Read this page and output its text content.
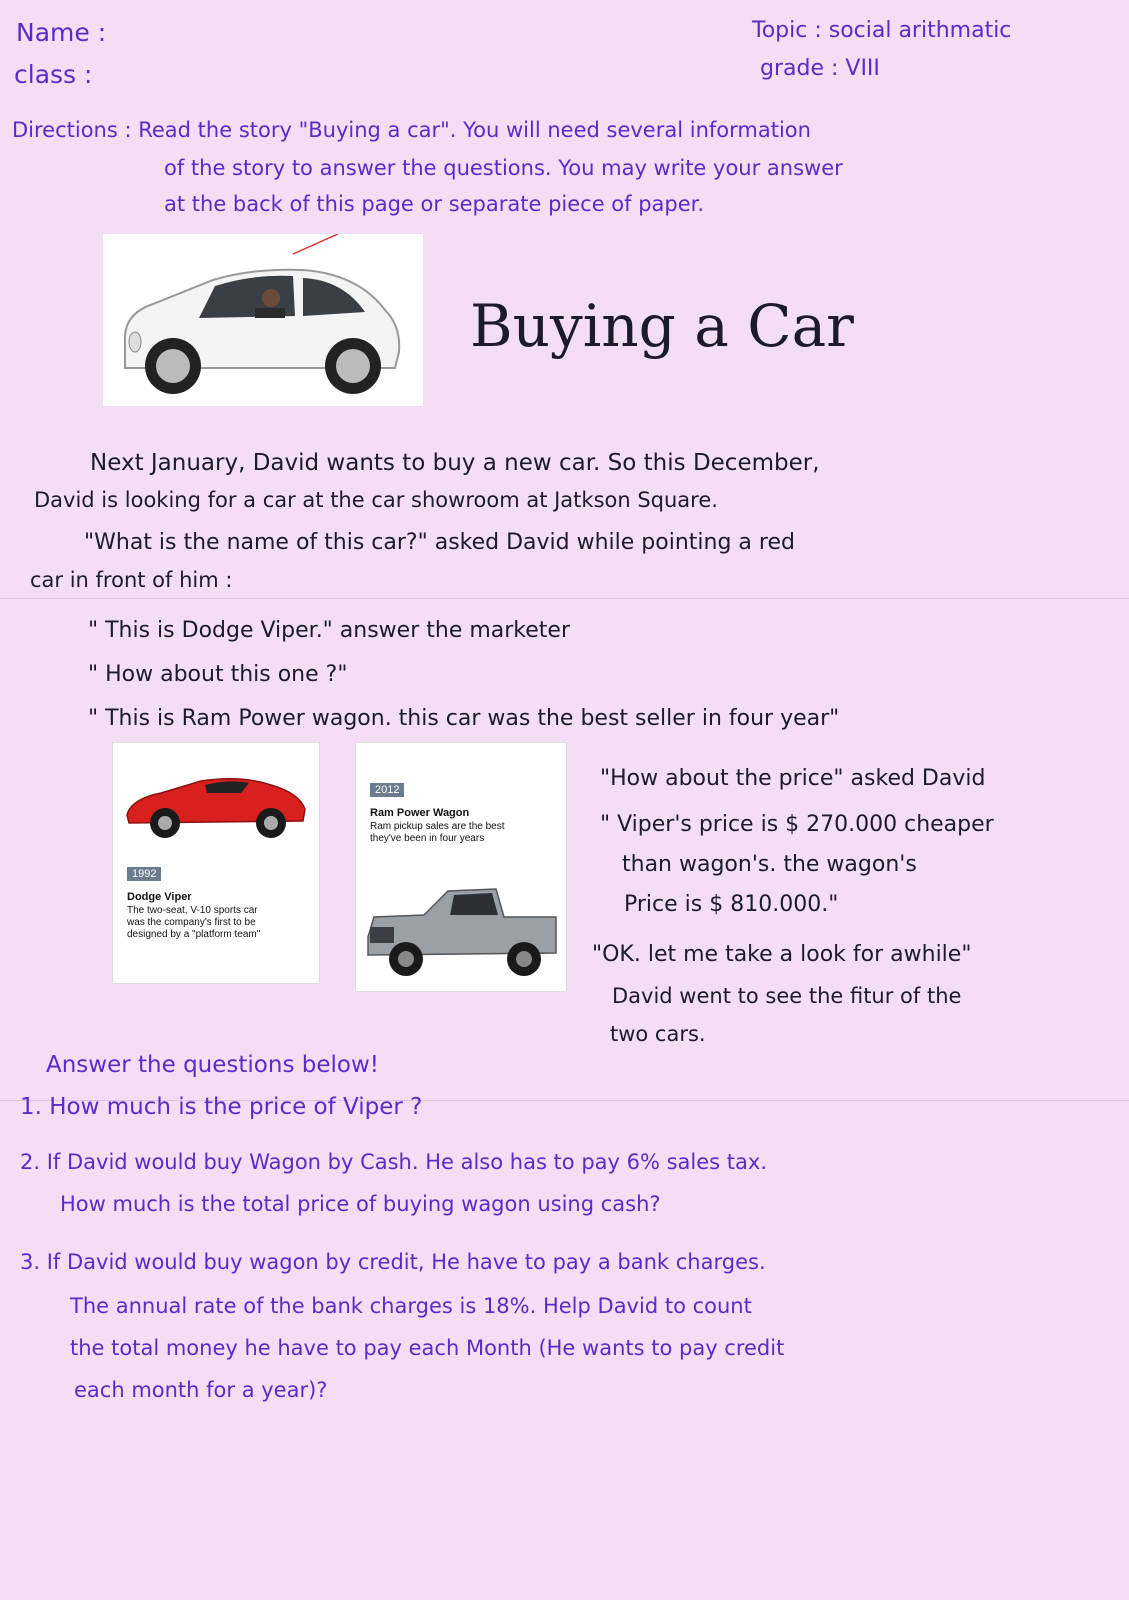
Name :
class :
Topic : social arithmatic
grade : VIII
Directions : Read the story "Buying a car". You will need several information
of the story to answer the questions. You may write your answer
at the back of this page or separate piece of paper.
Buying a Car
Next January, David wants to buy a new car. So this December,
David is looking for a car at the car showroom at Jatkson Square.
"What is the name of this car?" asked David while pointing a red
car in front of him :
" This is Dodge Viper." answer the marketer
" How about this one ?"
" This is Ram Power wagon. this car was the best seller in four year"
1992
Dodge Viper
The two-seat, V-10 sports car was the company's first to be designed by a "platform team"
2012
Ram Power Wagon
Ram pickup sales are the best they've been in four years
"How about the price" asked David
" Viper's price is $ 270.000 cheaper
than wagon's. the wagon's
Price is $ 810.000."
"OK. let me take a look for awhile"
David went to see the fitur of the
two cars.
Answer the questions below!
1. How much is the price of Viper ?
2. If David would buy Wagon by Cash. He also has to pay 6% sales tax.
How much is the total price of buying wagon using cash?
3. If David would buy wagon by credit, He have to pay a bank charges.
The annual rate of the bank charges is 18%. Help David to count
the total money he have to pay each Month (He wants to pay credit
each month for a year)?
